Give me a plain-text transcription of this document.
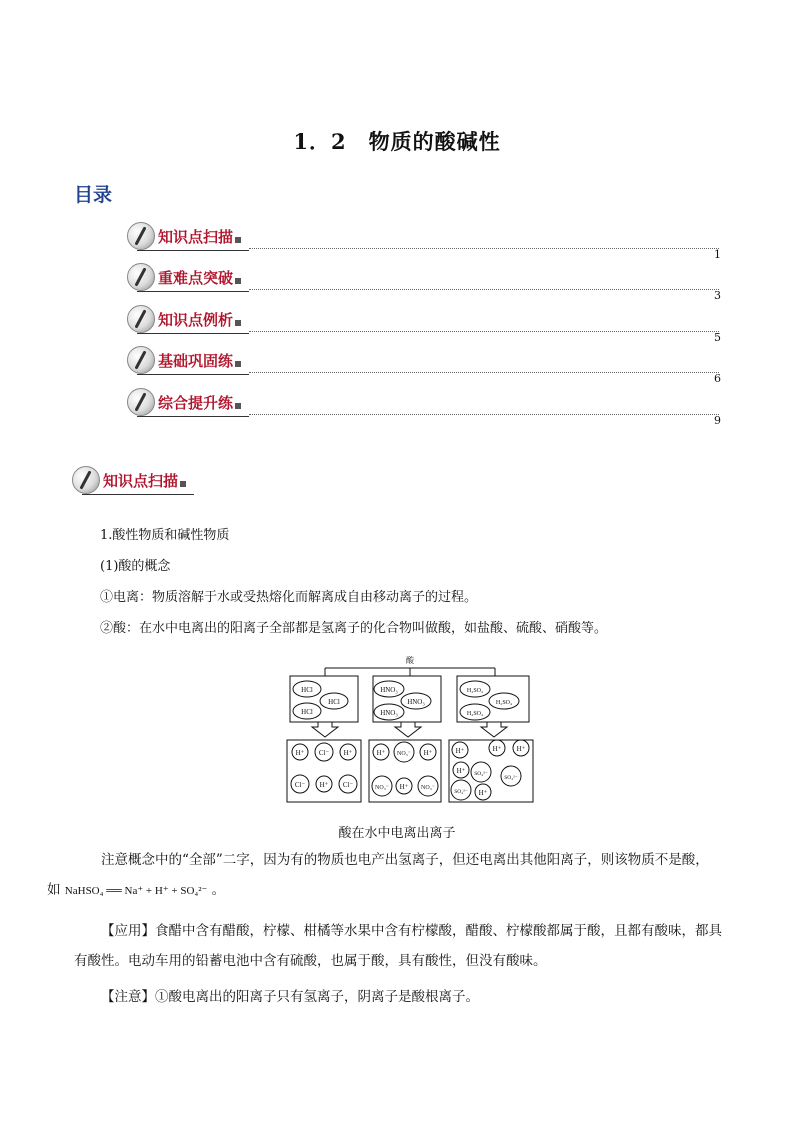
1．2　物质的酸碱性
目录
知识点扫描
1
重难点突破
3
知识点例析
5
基础巩固练
6
综合提升练
9
知识点扫描
1.酸性物质和碱性物质
(1)酸的概念
①电离：物质溶解于水或受热熔化而解离成自由移动离子的过程。
②酸：在水中电离出的阳离子全部都是氢离子的化合物叫做酸，如盐酸、硫酸、硝酸等。
酸
HCl
HCl
HCl
HNO₃
HNO₃
HNO₃
H₂SO₄
H₂SO₄
H₂SO₄
H⁺ Cl⁻ H⁺
Cl⁻ H⁺ Cl⁻
H⁺ NO₃⁻ H⁺
NO₃⁻ H⁺ NO₃⁻
H⁺	H⁺ H⁺
SO₄²⁻
SO₄²⁻
H⁺
SO₄²⁻ H⁺
酸在水中电离出离子
注意概念中的“全部”二字，因为有的物质也电产出氢离子，但还电离出其他阳离子，则该物质不是酸，
如 NaHSO₄ ══ Na⁺ + H⁺ + SO₄²⁻ 。
【应用】食醋中含有醋酸，柠檬、柑橘等水果中含有柠檬酸，醋酸、柠檬酸都属于酸，且都有酸味，都具有酸性。电动车用的铅蓄电池中含有硫酸，也属于酸，具有酸性，但没有酸味。
【注意】①酸电离出的阳离子只有氢离子，阴离子是酸根离子。
